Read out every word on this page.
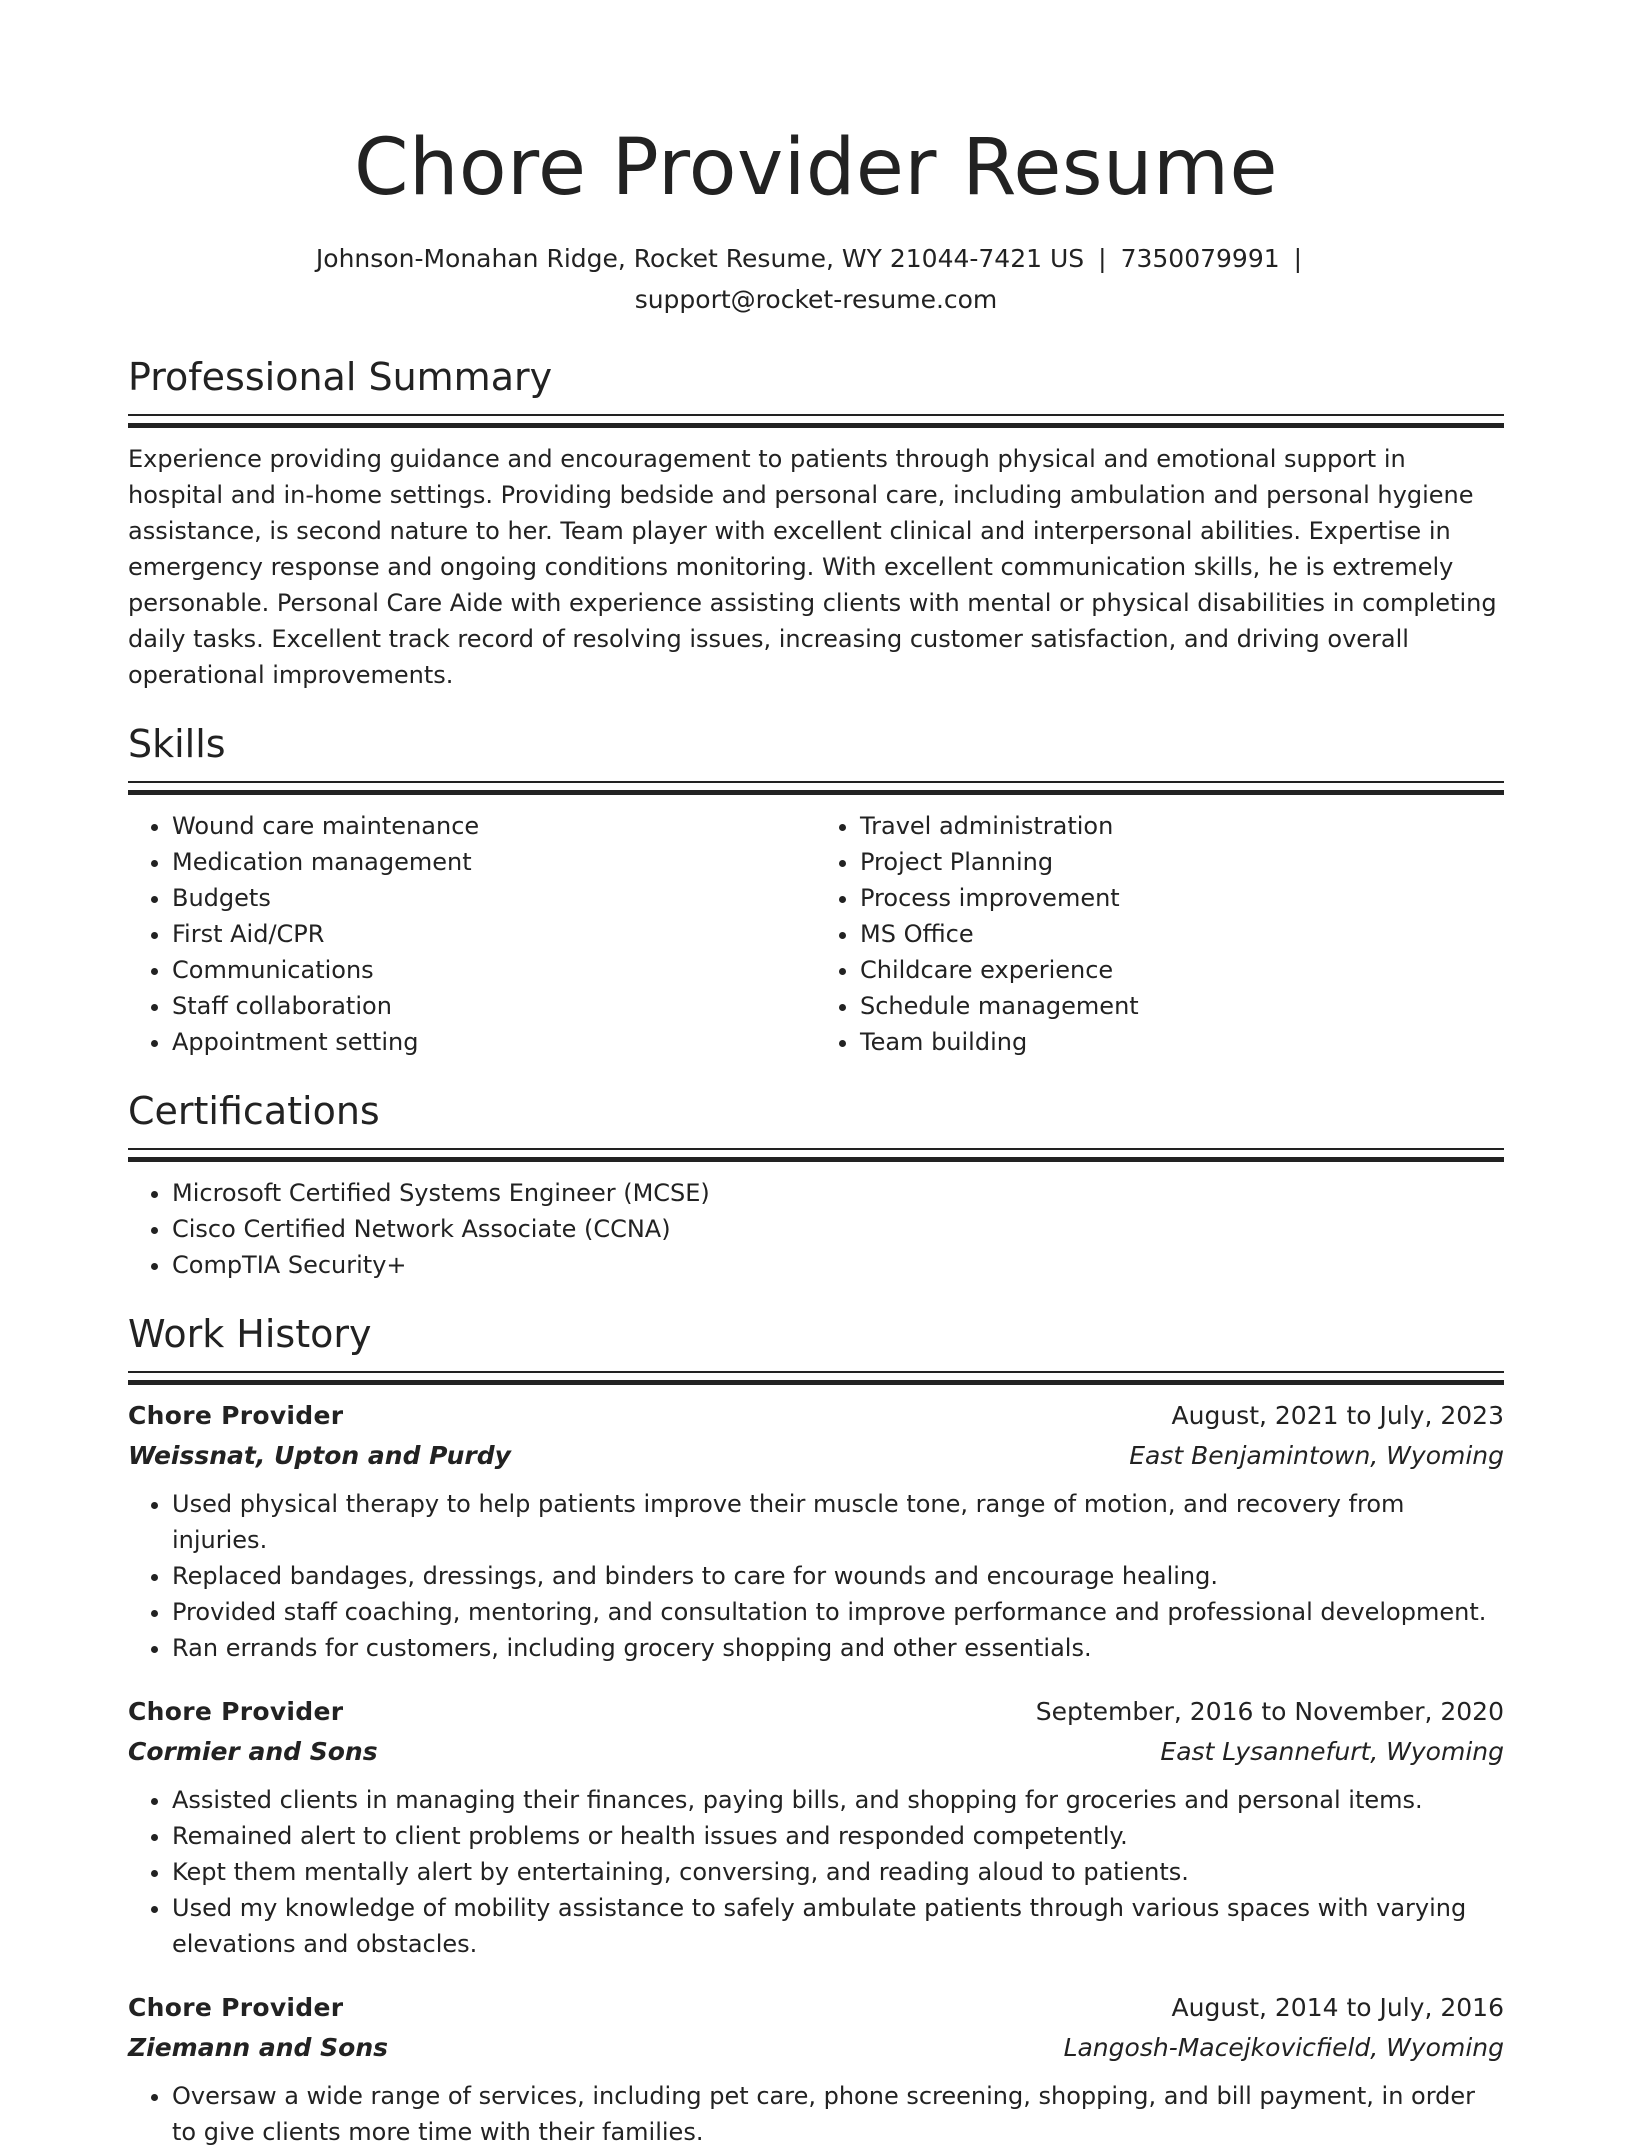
Chore Provider Resume
Johnson-Monahan Ridge, Rocket Resume, WY 21044-7421 US | 7350079991 |
support@rocket-resume.com
Professional Summary

Experience providing guidance and encouragement to patients through physical and emotional support in hospital and in-home settings. Providing bedside and personal care, including ambulation and personal hygiene assistance, is second nature to her. Team player with excellent clinical and interpersonal abilities. Expertise in emergency response and ongoing conditions monitoring. With excellent communication skills, he is extremely personable. Personal Care Aide with experience assisting clients with mental or physical disabilities in completing daily tasks. Excellent track record of resolving issues, increasing customer satisfaction, and driving overall operational improvements.

Skills
• Wound care maintenance
• Medication management
• Budgets
• First Aid/CPR
• Communications
• Staff collaboration
• Appointment setting
• Travel administration
• Project Planning
• Process improvement
• MS Office
• Childcare experience
• Schedule management
• Team building
Certifications
• Microsoft Certified Systems Engineer (MCSE)
• Cisco Certified Network Associate (CCNA)
• CompTIA Security+
Work History
Chore Provider	August, 2021 to July, 2023
Weissnat, Upton and Purdy	East Benjamintown, Wyoming
• Used physical therapy to help patients improve their muscle tone, range of motion, and recovery from injuries.
• Replaced bandages, dressings, and binders to care for wounds and encourage healing.
• Provided staff coaching, mentoring, and consultation to improve performance and professional development.
• Ran errands for customers, including grocery shopping and other essentials.
Chore Provider	September, 2016 to November, 2020
Cormier and Sons	East Lysannefurt, Wyoming
• Assisted clients in managing their finances, paying bills, and shopping for groceries and personal items.
• Remained alert to client problems or health issues and responded competently.
• Kept them mentally alert by entertaining, conversing, and reading aloud to patients.
• Used my knowledge of mobility assistance to safely ambulate patients through various spaces with varying elevations and obstacles.
Chore Provider	August, 2014 to July, 2016
Ziemann and Sons	Langosh-Macejkovicfield, Wyoming
• Oversaw a wide range of services, including pet care, phone screening, shopping, and bill payment, in order to give clients more time with their families.
